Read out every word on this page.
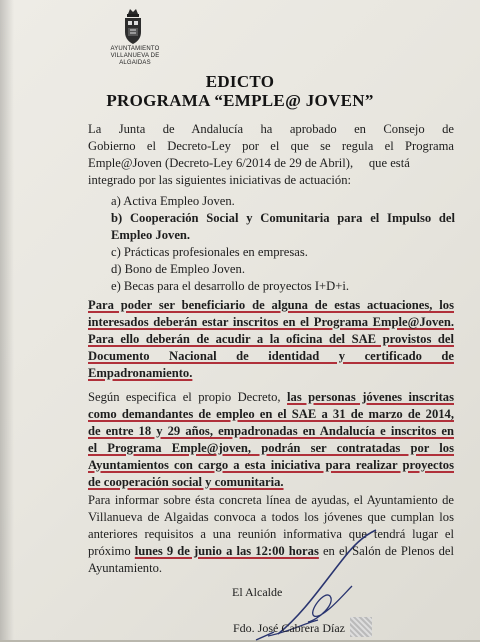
AYUNTAMIENTO
VILLANUEVA DE ALGAIDAS
EDICTO
PROGRAMA “EMPLE@ JOVEN”
La Junta de Andalucía ha aprobado en Consejo de
Gobierno el Decreto-Ley por el que se regula el Programa
Emple@Joven (Decreto-Ley 6/2014 de 29 de Abril),     que está
integrado por las siguientes iniciativas de actuación:
a) Activa Empleo Joven.
b) Cooperación Social y Comunitaria para el Impulso del
Empleo Joven.
c) Prácticas profesionales en empresas.
d) Bono de Empleo Joven.
e) Becas para el desarrollo de proyectos I+D+i.
Para poder ser beneficiario de alguna de estas actuaciones, los
interesados deberán estar inscritos en el Programa Emple@Joven.
Para ello deberán de acudir a la oficina del SAE provistos del
Documento Nacional de identidad y certificado de
Empadronamiento.
Según especifica el propio Decreto, las personas jóvenes inscritas
como demandantes de empleo en el SAE a 31 de marzo de 2014,
de entre 18 y 29 años, empadronadas en Andalucía e inscritos en
el Programa Emple@joven, podrán ser contratadas por los
Ayuntamientos con cargo a esta iniciativa para realizar proyectos
de cooperación social y comunitaria.
Para informar sobre ésta concreta línea de ayudas, el Ayuntamiento de
Villanueva de Algaidas convoca a todos los jóvenes que cumplan los
anteriores requisitos a una reunión informativa que tendrá lugar el
próximo lunes 9 de junio a las 12:00 horas en el Salón de Plenos del
Ayuntamiento.
El Alcalde
Fdo. José Cabrera Díaz
